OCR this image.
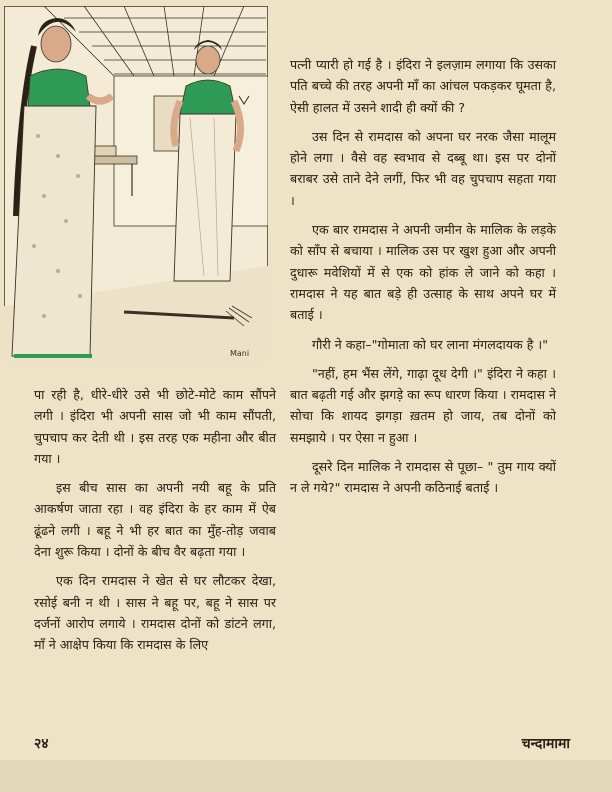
Mani

पत्नी प्यारी हो गई है । इंदिरा ने इलज़ाम लगाया कि उसका पति बच्चे की तरह अपनी माँ का आंचल पकड़कर घूमता है, ऐसी हालत में उसने शादी ही क्यों की ?

उस दिन से रामदास को अपना घर नरक जैसा मालूम होने लगा । वैसे वह स्वभाव से दब्बू था। इस पर दोनों बराबर उसे ताने देने लगीं, फिर भी वह चुपचाप सहता गया ।

एक बार रामदास ने अपनी जमीन के मालिक के लड़के को साँप से बचाया । मालिक उस पर खुश हुआ और अपनी दुधारू मवेशियों में से एक को हांक ले जाने को कहा । रामदास ने यह बात बड़े ही उत्साह के साथ अपने घर में बताई ।

गौरी ने कहा–"गोमाता को घर लाना मंगलदायक है ।"

"नहीं, हम भैंस लेंगे, गाढ़ा दूध देगी ।" इंदिरा ने कहा । बात बढ़ती गई और झगड़े का रूप धारण किया । रामदास ने सोचा कि शायद झगड़ा ख़तम हो जाय, तब दोनों को समझाये । पर ऐसा न हुआ ।

दूसरे दिन मालिक ने रामदास से पूछा– " तुम गाय क्यों न ले गये?" रामदास ने अपनी कठिनाई बताई ।

पा रही है, धीरे-धीरे उसे भी छोटे-मोटे काम सौंपने लगी । इंदिरा भी अपनी सास जो भी काम सौंपती, चुपचाप कर देती थी । इस तरह एक महीना और बीत गया ।

इस बीच सास का अपनी नयी बहू के प्रति आकर्षण जाता रहा । वह इंदिरा के हर काम में ऐब ढूंढने लगी । बहू ने भी हर बात का मुँह-तोड़ जवाब देना शुरू किया । दोनों के बीच वैर बढ़ता गया ।

एक दिन रामदास ने खेत से घर लौटकर देखा, रसोई बनी न थी । सास ने बहू पर, बहू ने सास पर दर्जनों आरोप लगाये । रामदास दोनों को डांटने लगा, माँ ने आक्षेप किया कि रामदास के लिए

२४	चन्दामामा
